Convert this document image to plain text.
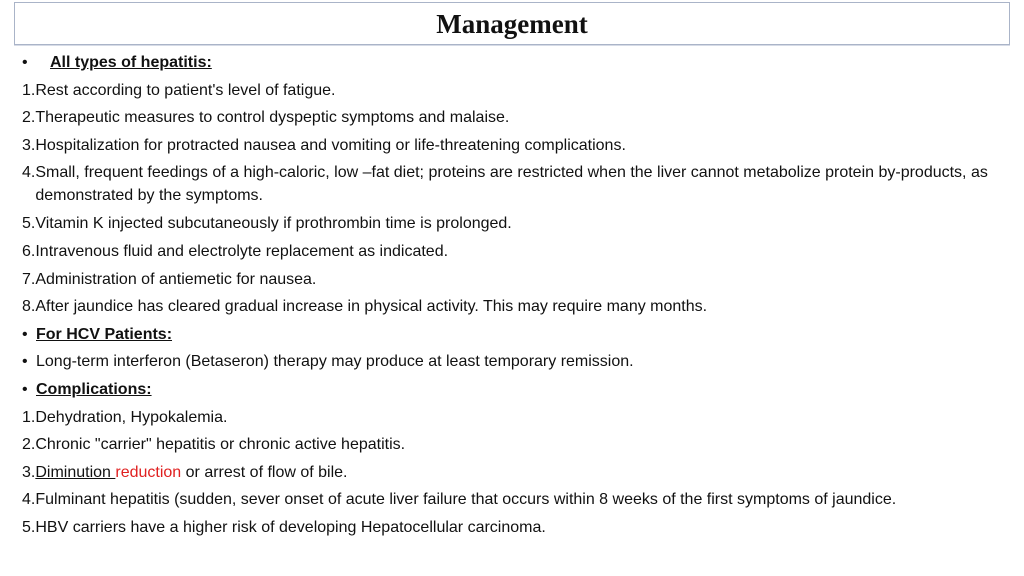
Management
•	All types of hepatitis:
1. Rest according to patient's level of fatigue.
2. Therapeutic measures to control dyspeptic symptoms and malaise.
3. Hospitalization for protracted nausea and vomiting or life-threatening complications.
4. Small, frequent feedings of a high-caloric, low –fat diet; proteins are restricted when the liver cannot metabolize protein by-products, as demonstrated by the symptoms.
5. Vitamin K injected subcutaneously if prothrombin time is prolonged.
6. Intravenous fluid and electrolyte replacement as indicated.
7. Administration of antiemetic for nausea.
8. After jaundice has cleared gradual increase in physical activity. This may require many months.
• For HCV Patients:
• Long-term interferon (Betaseron) therapy may produce at least temporary remission.
• Complications:
1. Dehydration, Hypokalemia.
2. Chronic "carrier" hepatitis or chronic active hepatitis.
3. Diminution reduction or arrest of flow of bile.
4. Fulminant hepatitis (sudden, sever onset of acute liver failure that occurs within 8 weeks of the first symptoms of jaundice.
5. HBV carriers have a higher risk of developing Hepatocellular carcinoma.
